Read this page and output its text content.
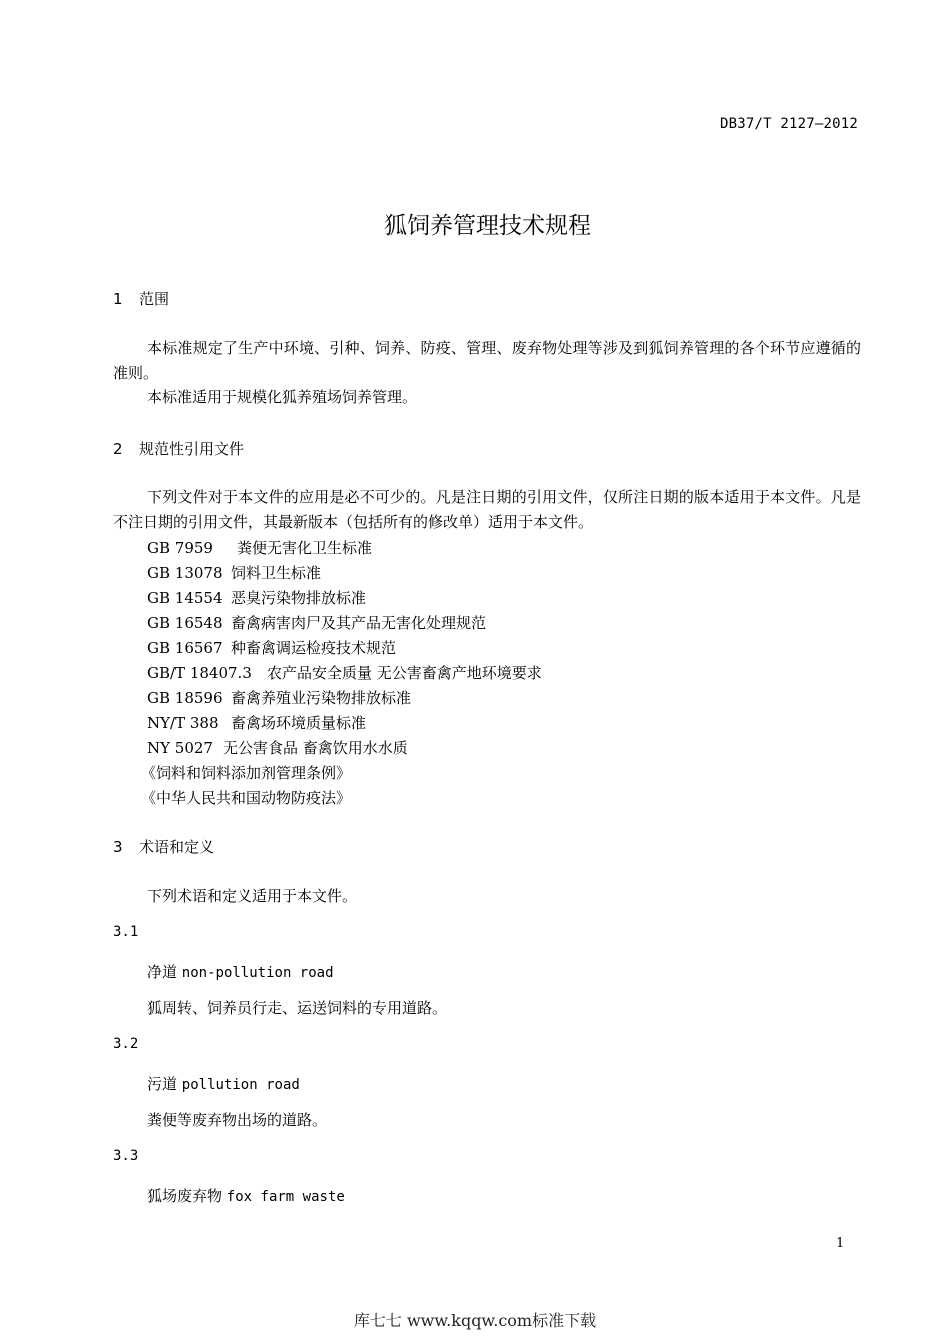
DB37/T 2127—2012
狐饲养管理技术规程
1 范围
本标准规定了生产中环境、引种、饲养、防疫、管理、废弃物处理等涉及到狐饲养管理的各个环节应遵循的准则。
本标准适用于规模化狐养殖场饲养管理。
2 规范性引用文件
下列文件对于本文件的应用是必不可少的。凡是注日期的引用文件，仅所注日期的版本适用于本文件。凡是不注日期的引用文件，其最新版本（包括所有的修改单）适用于本文件。
GB 7959 粪便无害化卫生标准
GB 13078 饲料卫生标准
GB 14554 恶臭污染物排放标准
GB 16548 畜禽病害肉尸及其产品无害化处理规范
GB 16567 种畜禽调运检疫技术规范
GB/T 18407.3 农产品安全质量 无公害畜禽产地环境要求
GB 18596 畜禽养殖业污染物排放标准
NY/T 388 畜禽场环境质量标准
NY 5027 无公害食品 畜禽饮用水水质
《饲料和饲料添加剂管理条例》
《中华人民共和国动物防疫法》
3 术语和定义
下列术语和定义适用于本文件。
3.1
净道 non-pollution road
狐周转、饲养员行走、运送饲料的专用道路。
3.2
污道 pollution road
粪便等废弃物出场的道路。
3.3
狐场废弃物 fox farm waste
1
库七七 www.kqqw.com标准下载
